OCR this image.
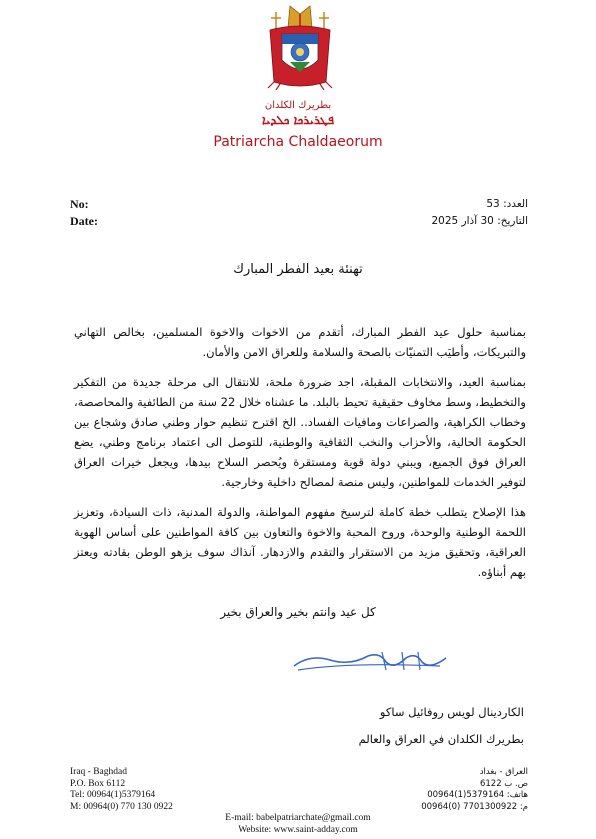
بطريرك الكلدان
ܦܛܪܝܪܟܐ ܟܠܕܝܐ
Patriarcha Chaldaeorum
No:
Date:
العدد: 53
التاريخ: 30 آذار 2025
تهنئة بعيد الفطر المبارك

بمناسبة حلول عيد الفطر المبارك، أتقدم من الاخوات والاخوة المسلمين، بخالص التهاني والتبريكات، وأطيَب التمنيّات بالصحة والسلامة وللعراق الامن والأمان.

بمناسبة العيد، والانتخابات المقبلة، اجد ضرورة ملحة، للانتقال الى مرحلة جديدة من التفكير والتخطيط، وسط مخاوف حقيقية تحيط بالبلد. ما عشناه خلال 22 سنة من الطائفية والمحاصصة، وخطاب الكراهية، والصراعات ومافيات الفساد.. الخ اقترح تنظيم حوار وطني صادق وشجاع بين الحكومة الحالية، والأحزاب والنخب الثقافية والوطنية، للتوصل الى اعتماد برنامج وطني، يضع العراق فوق الجميع، ويبني دولة قوية ومستقرة ويُحصر السلاح بيدها، ويجعل خيرات العراق لتوفير الخدمات للمواطنين، وليس منصة لمصالح داخلية وخارجية.

هذا الإصلاح يتطلب خطة كاملة لترسيخ مفهوم المواطنة، والدولة المدنية، ذات السيادة، وتعزيز اللحمة الوطنية والوحدة، وروح المحبة والاخوة والتعاون بين كافة المواطنين على أساس الهوية العراقية، وتحقيق مزيد من الاستقرار والتقدم والازدهار. آنذاك سوف يزهو الوطن بقادته ويعتز بهم أبناؤه.

كل عيد وانتم بخير والعراق بخير
الكاردينال لويس روفائيل ساكو
بطريرك الكلدان في العراق والعالم
Iraq - Baghdad
P.O. Box 6112
Tel: 00964(1)5379164
M: 00964(0) 770 130 0922
العراق - بغداد
ص. ب 6122
هاتف: 5379164(1)00964
م: 7701300922 (0)00964
E-mail: babelpatriarchate@gmail.com
Website: www.saint-adday.com
